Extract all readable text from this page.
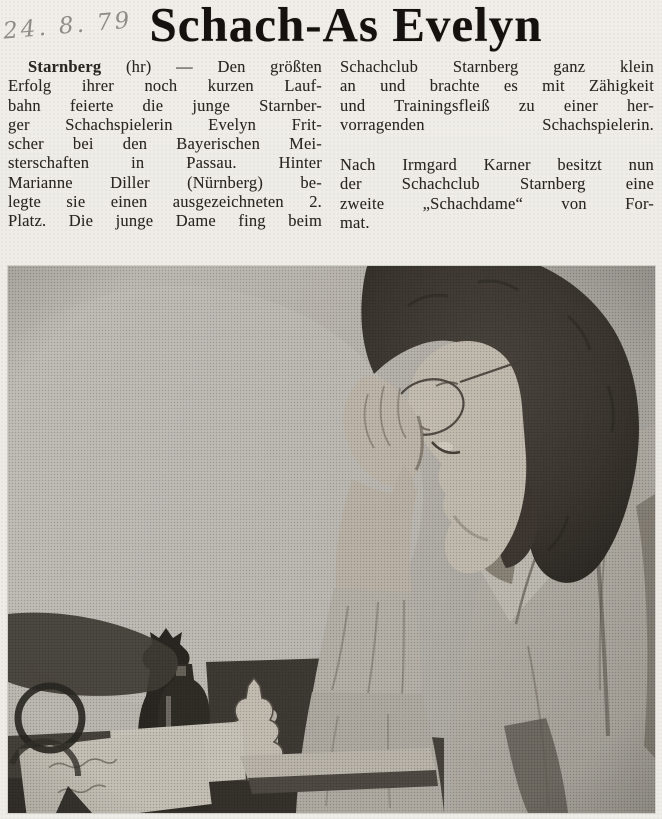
24. 8. 79 Schach-As Evelyn

Starnberg (hr) — Den größten
Erfolg ihrer noch kurzen Lauf-
bahn feierte die junge Starnber-
ger Schachspielerin Evelyn Frit-
scher bei den Bayerischen Mei-
sterschaften in Passau. Hinter
Marianne Diller (Nürnberg) be-
legte sie einen ausgezeichneten 2.
Platz. Die junge Dame fing beim

Schachclub Starnberg ganz klein
an und brachte es mit Zähigkeit
und Trainingsfleiß zu einer her-
vorragenden Schachspielerin.

Nach Irmgard Karner besitzt nun
der Schachclub Starnberg eine
zweite „Schachdame“ von For-
mat.
